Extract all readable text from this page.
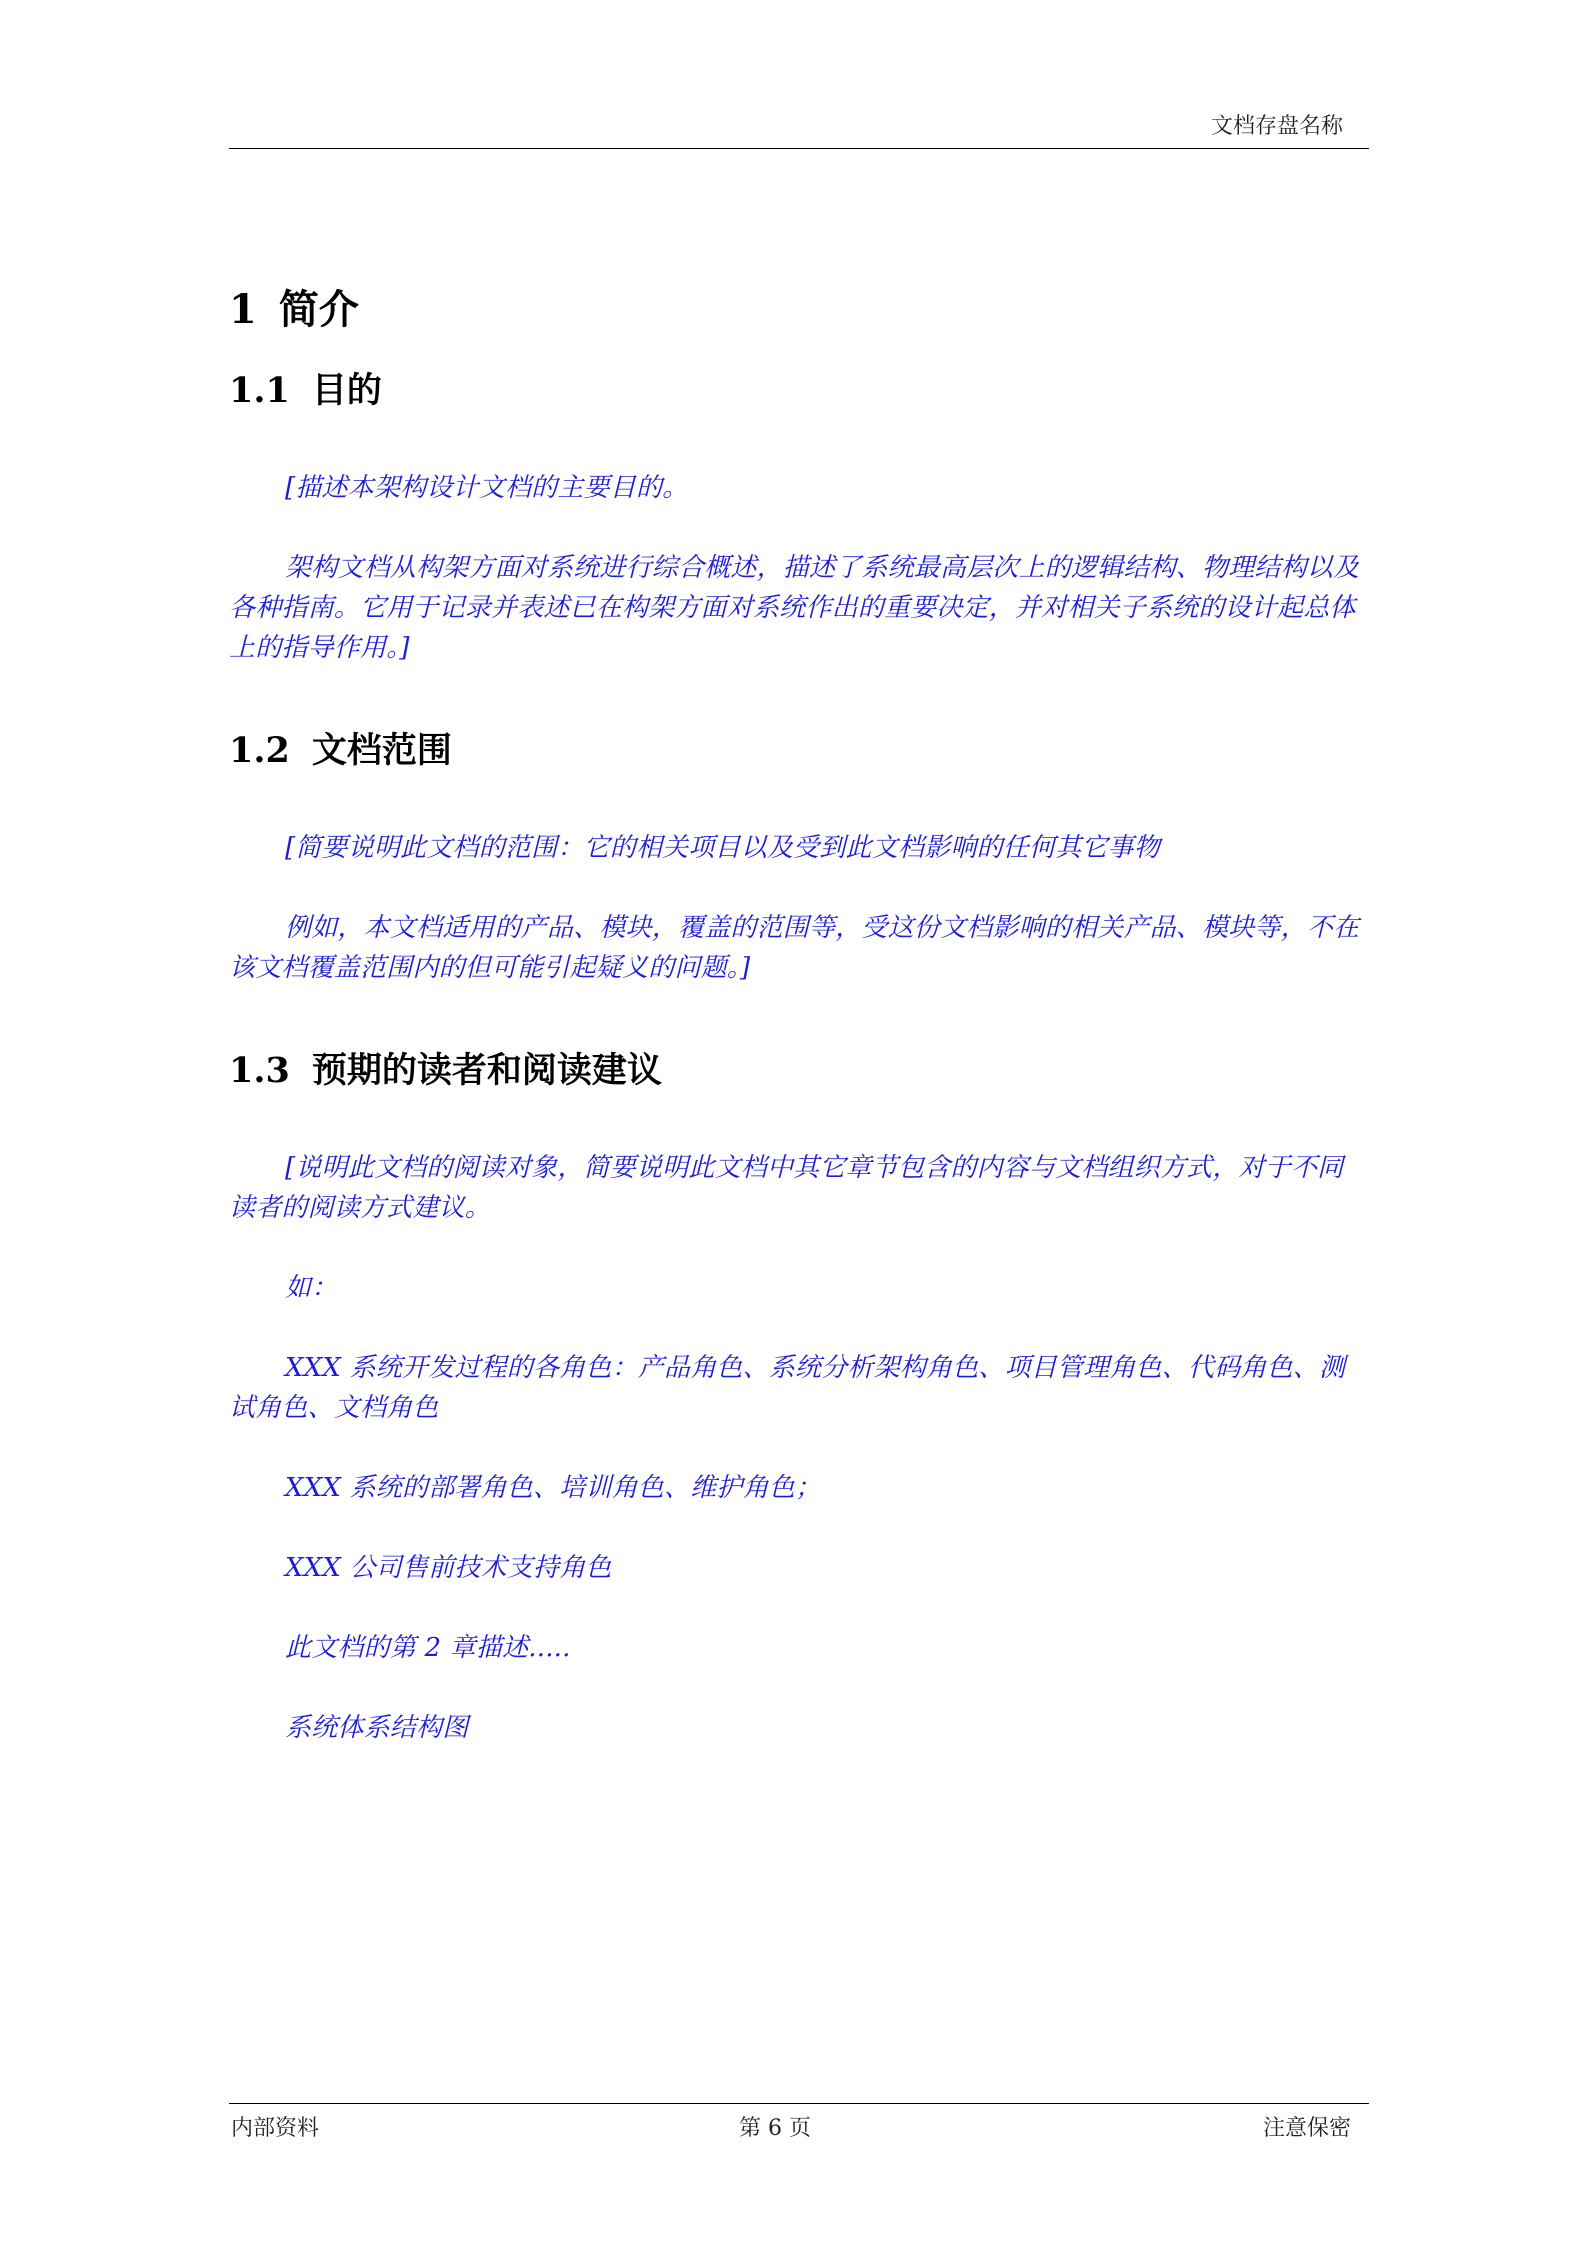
文档存盘名称
1 简介
1.1 目的

[描述本架构设计文档的主要目的。

架构文档从构架方面对系统进行综合概述，描述了系统最高层次上的逻辑结构、物理结构以及各种指南。它用于记录并表述已在构架方面对系统作出的重要决定，并对相关子系统的设计起总体上的指导作用。]

1.2 文档范围

[简要说明此文档的范围：它的相关项目以及受到此文档影响的任何其它事物

例如，本文档适用的产品、模块，覆盖的范围等，受这份文档影响的相关产品、模块等，不在该文档覆盖范围内的但可能引起疑义的问题。]

1.3 预期的读者和阅读建议

[说明此文档的阅读对象，简要说明此文档中其它章节包含的内容与文档组织方式，对于不同读者的阅读方式建议。

如：

XXX 系统开发过程的各角色：产品角色、系统分析架构角色、项目管理角色、代码角色、测试角色、文档角色

XXX 系统的部署角色、培训角色、维护角色；

XXX 公司售前技术支持角色

此文档的第 2 章描述.....

系统体系结构图

内部资料	第 6 页	注意保密
